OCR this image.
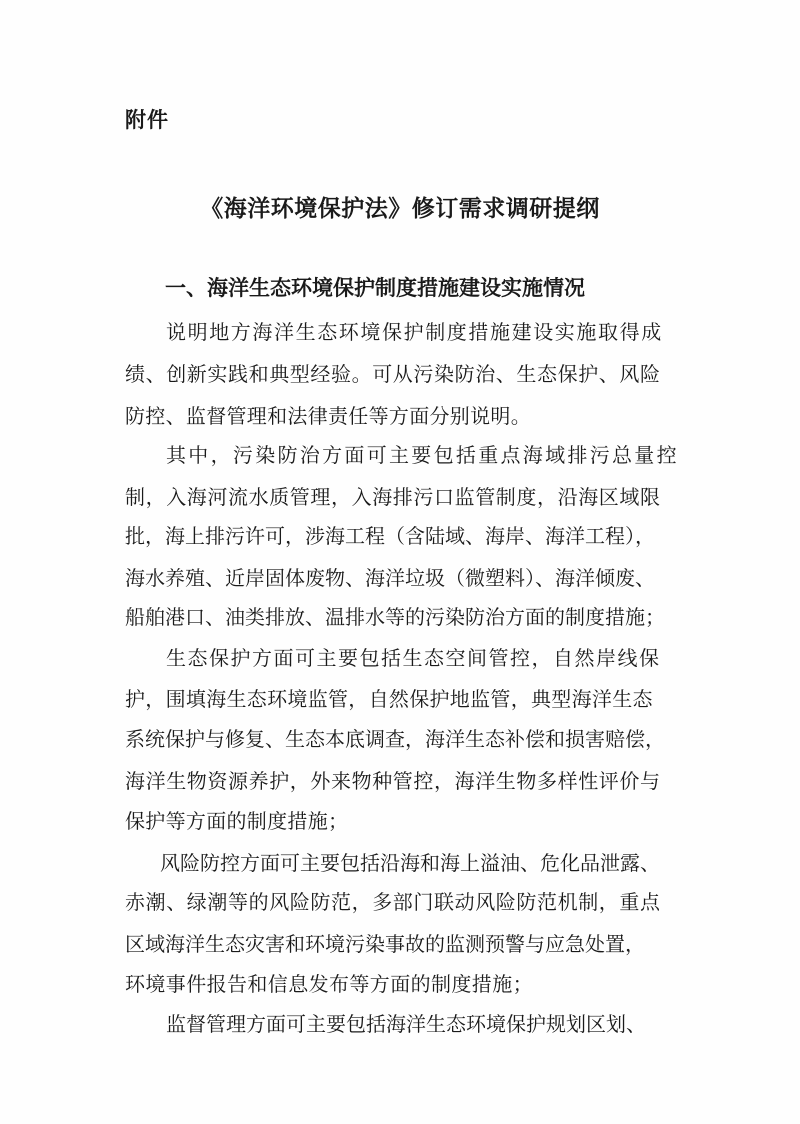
附件
《海洋环境保护法》修订需求调研提纲
一、海洋生态环境保护制度措施建设实施情况
说明地方海洋生态环境保护制度措施建设实施取得成
绩、创新实践和典型经验。可从污染防治、生态保护、风险
防控、监督管理和法律责任等方面分别说明。
其中，污染防治方面可主要包括重点海域排污总量控
制，入海河流水质管理，入海排污口监管制度，沿海区域限
批，海上排污许可，涉海工程（含陆域、海岸、海洋工程），
海水养殖、近岸固体废物、海洋垃圾（微塑料）、海洋倾废、
船舶港口、油类排放、温排水等的污染防治方面的制度措施；
生态保护方面可主要包括生态空间管控，自然岸线保
护，围填海生态环境监管，自然保护地监管，典型海洋生态
系统保护与修复、生态本底调查，海洋生态补偿和损害赔偿，
海洋生物资源养护，外来物种管控，海洋生物多样性评价与
保护等方面的制度措施；
风险防控方面可主要包括沿海和海上溢油、危化品泄露、
赤潮、绿潮等的风险防范，多部门联动风险防范机制，重点
区域海洋生态灾害和环境污染事故的监测预警与应急处置，
环境事件报告和信息发布等方面的制度措施；
监督管理方面可主要包括海洋生态环境保护规划区划、
